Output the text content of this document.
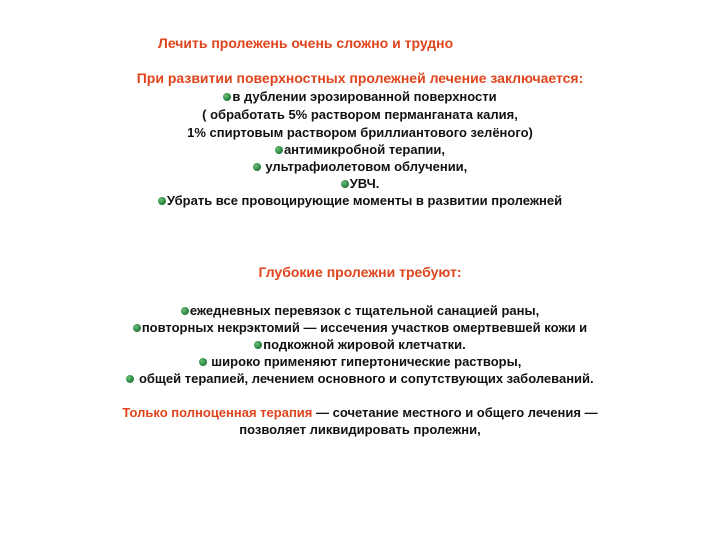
Лечить пролежень очень сложно и трудно
При развитии поверхностных пролежней лечение заключается:
в дублении эрозированной поверхности
( обработать 5% раствором перманганата калия,
1% спиртовым раствором бриллиантового зелёного)
антимикробной терапии,
ультрафиолетовом облучении,
УВЧ.
Убрать все провоцирующие моменты в развитии пролежней
Глубокие пролежни требуют:
ежедневных перевязок с тщательной санацией раны,
повторных некрэктомий — иссечения участков омертвевшей кожи и
подкожной жировой клетчатки.
широко применяют гипертонические растворы,
общей терапией, лечением основного и сопутствующих заболеваний.
Только полноценная терапия — сочетание местного и общего лечения —
позволяет ликвидировать пролежни,
